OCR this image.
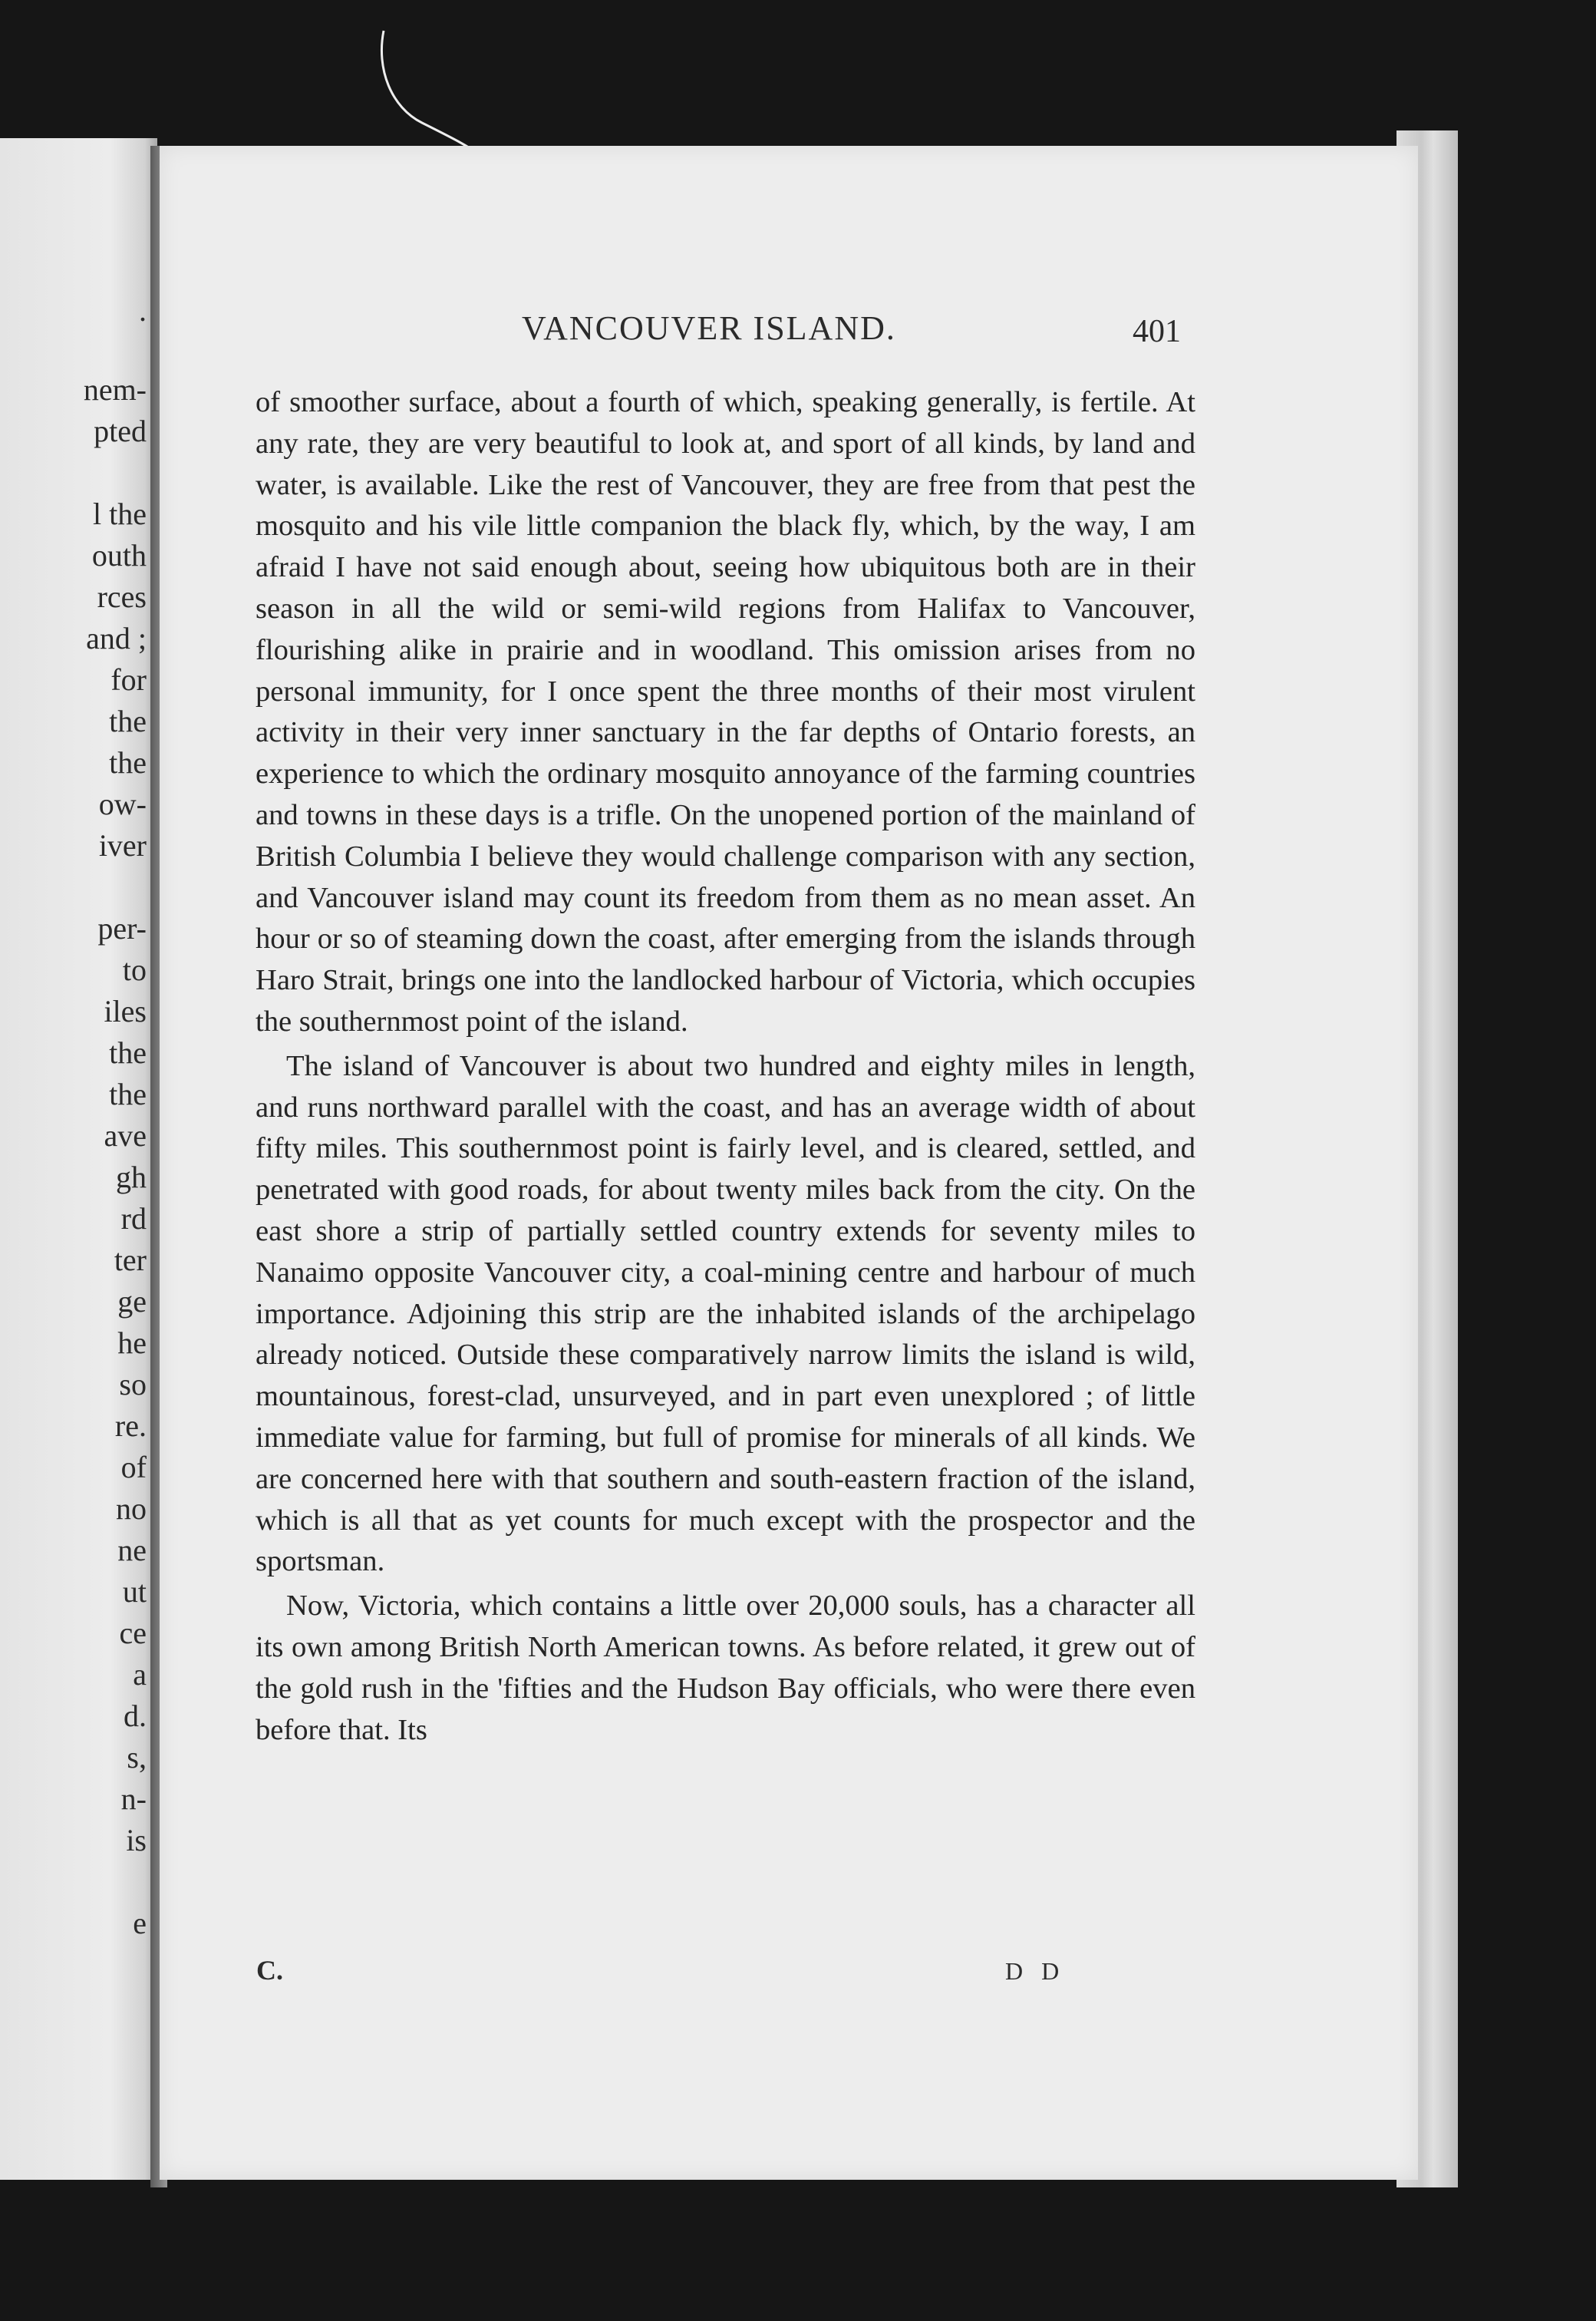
.
nem-
pted
l the
outh
rces
and ;
for
the
the
ow-
iver
per-
to
iles
the
the
ave
gh
rd
ter
ge
he
so
re.
of
no
ne
ut
ce
a
d.
s,
n-
is
e
VANCOUVER ISLAND.	401

of smoother surface, about a fourth of which, speaking generally, is fertile. At any rate, they are very beautiful to look at, and sport of all kinds, by land and water, is available. Like the rest of Vancouver, they are free from that pest the mosquito and his vile little companion the black fly, which, by the way, I am afraid I have not said enough about, seeing how ubiquitous both are in their season in all the wild or semi-wild regions from Halifax to Vancouver, flourishing alike in prairie and in woodland. This omission arises from no personal immunity, for I once spent the three months of their most virulent activity in their very inner sanctuary in the far depths of Ontario forests, an experience to which the ordinary mosquito annoyance of the farming countries and towns in these days is a trifle. On the unopened portion of the mainland of British Columbia I believe they would challenge comparison with any section, and Vancouver island may count its freedom from them as no mean asset. An hour or so of steaming down the coast, after emerging from the islands through Haro Strait, brings one into the landlocked harbour of Victoria, which occupies the southernmost point of the island.

The island of Vancouver is about two hundred and eighty miles in length, and runs northward parallel with the coast, and has an average width of about fifty miles. This southernmost point is fairly level, and is cleared, settled, and penetrated with good roads, for about twenty miles back from the city. On the east shore a strip of partially settled country extends for seventy miles to Nanaimo opposite Vancouver city, a coal-mining centre and harbour of much importance. Adjoining this strip are the inhabited islands of the archipelago already noticed. Outside these comparatively narrow limits the island is wild, mountainous, forest-clad, unsurveyed, and in part even unexplored ; of little immediate value for farming, but full of promise for minerals of all kinds. We are concerned here with that southern and south-eastern fraction of the island, which is all that as yet counts for much except with the prospector and the sportsman.

Now, Victoria, which contains a little over 20,000 souls, has a character all its own among British North American towns. As before related, it grew out of the gold rush in the 'fifties and the Hudson Bay officials, who were there even before that. Its

C.	D D
